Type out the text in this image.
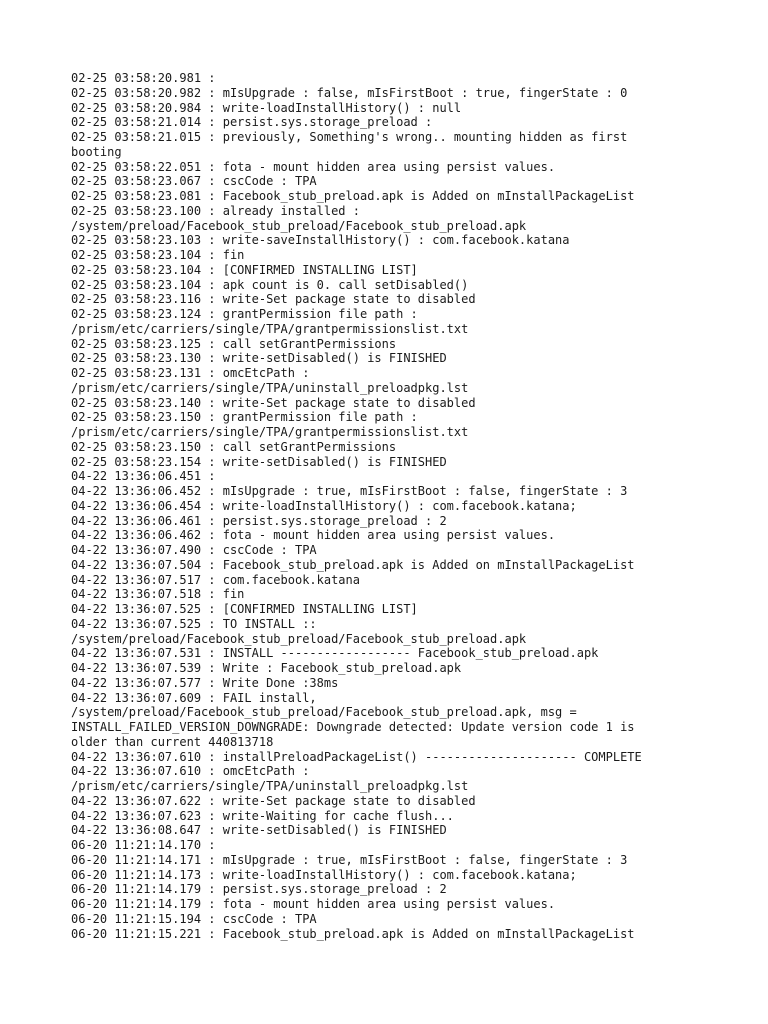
02-25 03:58:20.981 :
02-25 03:58:20.982 : mIsUpgrade : false, mIsFirstBoot : true, fingerState : 0
02-25 03:58:20.984 : write-loadInstallHistory() : null
02-25 03:58:21.014 : persist.sys.storage_preload :
02-25 03:58:21.015 : previously, Something's wrong.. mounting hidden as first
booting
02-25 03:58:22.051 : fota - mount hidden area using persist values.
02-25 03:58:23.067 : cscCode : TPA
02-25 03:58:23.081 : Facebook_stub_preload.apk is Added on mInstallPackageList
02-25 03:58:23.100 : already installed :
/system/preload/Facebook_stub_preload/Facebook_stub_preload.apk
02-25 03:58:23.103 : write-saveInstallHistory() : com.facebook.katana
02-25 03:58:23.104 : fin
02-25 03:58:23.104 : [CONFIRMED INSTALLING LIST]
02-25 03:58:23.104 : apk count is 0. call setDisabled()
02-25 03:58:23.116 : write-Set package state to disabled
02-25 03:58:23.124 : grantPermission file path :
/prism/etc/carriers/single/TPA/grantpermissionslist.txt
02-25 03:58:23.125 : call setGrantPermissions
02-25 03:58:23.130 : write-setDisabled() is FINISHED
02-25 03:58:23.131 : omcEtcPath :
/prism/etc/carriers/single/TPA/uninstall_preloadpkg.lst
02-25 03:58:23.140 : write-Set package state to disabled
02-25 03:58:23.150 : grantPermission file path :
/prism/etc/carriers/single/TPA/grantpermissionslist.txt
02-25 03:58:23.150 : call setGrantPermissions
02-25 03:58:23.154 : write-setDisabled() is FINISHED
04-22 13:36:06.451 :
04-22 13:36:06.452 : mIsUpgrade : true, mIsFirstBoot : false, fingerState : 3
04-22 13:36:06.454 : write-loadInstallHistory() : com.facebook.katana;
04-22 13:36:06.461 : persist.sys.storage_preload : 2
04-22 13:36:06.462 : fota - mount hidden area using persist values.
04-22 13:36:07.490 : cscCode : TPA
04-22 13:36:07.504 : Facebook_stub_preload.apk is Added on mInstallPackageList
04-22 13:36:07.517 : com.facebook.katana
04-22 13:36:07.518 : fin
04-22 13:36:07.525 : [CONFIRMED INSTALLING LIST]
04-22 13:36:07.525 : TO INSTALL ::
/system/preload/Facebook_stub_preload/Facebook_stub_preload.apk
04-22 13:36:07.531 : INSTALL ------------------ Facebook_stub_preload.apk
04-22 13:36:07.539 : Write : Facebook_stub_preload.apk
04-22 13:36:07.577 : Write Done :38ms
04-22 13:36:07.609 : FAIL install,
/system/preload/Facebook_stub_preload/Facebook_stub_preload.apk, msg =
INSTALL_FAILED_VERSION_DOWNGRADE: Downgrade detected: Update version code 1 is
older than current 440813718
04-22 13:36:07.610 : installPreloadPackageList() --------------------- COMPLETE
04-22 13:36:07.610 : omcEtcPath :
/prism/etc/carriers/single/TPA/uninstall_preloadpkg.lst
04-22 13:36:07.622 : write-Set package state to disabled
04-22 13:36:07.623 : write-Waiting for cache flush...
04-22 13:36:08.647 : write-setDisabled() is FINISHED
06-20 11:21:14.170 :
06-20 11:21:14.171 : mIsUpgrade : true, mIsFirstBoot : false, fingerState : 3
06-20 11:21:14.173 : write-loadInstallHistory() : com.facebook.katana;
06-20 11:21:14.179 : persist.sys.storage_preload : 2
06-20 11:21:14.179 : fota - mount hidden area using persist values.
06-20 11:21:15.194 : cscCode : TPA
06-20 11:21:15.221 : Facebook_stub_preload.apk is Added on mInstallPackageList
